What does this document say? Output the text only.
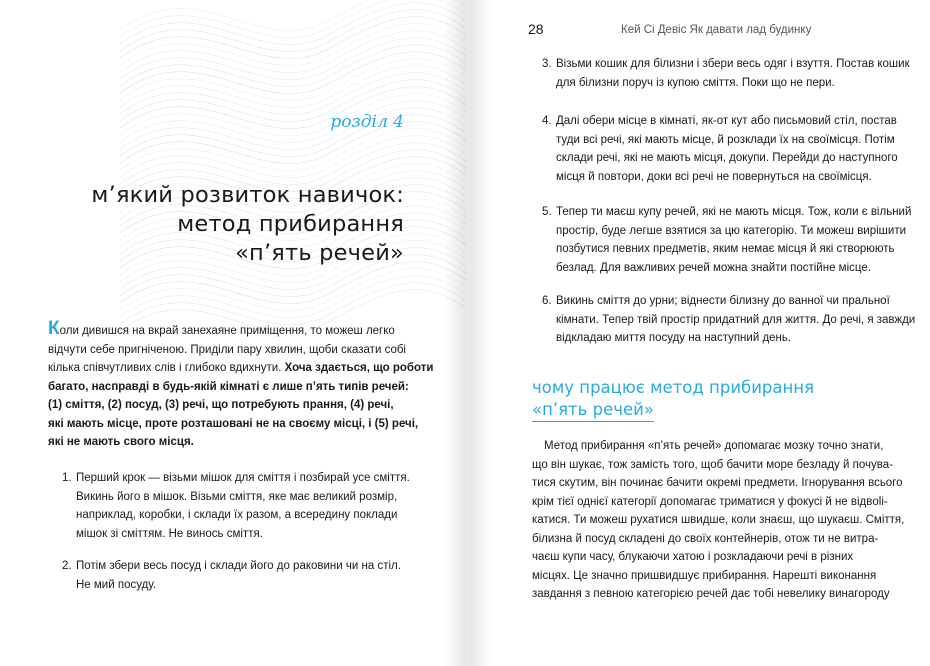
розділ 4
м’який розвиток навичок:
метод прибирання
«п’ять речей»
Коли дивишся на вкрай занехаяне приміщення, то можеш легко
відчути себе пригніченою. Приділи пару хвилин, щоби сказати собі
кілька співчутливих слів і глибоко вдихнути. Хоча здається, що роботи
багато, насправді в будь-якій кімнаті є лише п’ять типів речей:
(1) сміття, (2) посуд, (3) речі, що потребують прання, (4) речі,
які мають місце, проте розташовані не на своєму місці, і (5) речі,
які не мають свого місця.
1. Перший крок — візьми мішок для сміття і позбирай усе сміття.
Викинь його в мішок. Візьми сміття, яке має великий розмір,
наприклад, коробки, і склади їх разом, а всередину поклади
мішок зі сміттям. Не винось сміття.
2. Потім збери весь посуд і склади його до раковини чи на стіл.
Не мий посуду.
28	Кей Сі Девіс Як давати лад будинку
3. Візьми кошик для білизни і збери весь одяг і взуття. Постав кошик
для білизни поруч із купою сміття. Поки що не пери.
4. Далі обери місце в кімнаті, як-от кут або письмовий стіл, постав
туди всі речі, які мають місце, й розклади їх на своїмісця. Потім
склади речі, які не мають місця, докупи. Перейди до наступного
місця й повтори, доки всі речі не повернуться на своїмісця.
5. Тепер ти маєш купу речей, які не мають місця. Тож, коли є вільний
простір, буде легше взятися за цю категорію. Ти можеш вирішити
позбутися певних предметів, яким немає місця й які створюють
безлад. Для важливих речей можна знайти постійне місце.
6. Викинь сміття до урни; віднести білизну до ванної чи пральної
кімнати. Тепер твій простір придатний для життя. До речі, я завжди
відкладаю миття посуду на наступний день.
чому працює метод прибирання
«п’ять речей»
Метод прибирання «п’ять речей» допомагає мозку точно знати,
що він шукає, тож замість того, щоб бачити море безладу й почува-
тися скутим, він починає бачити окремі предмети. Ігнорування всього
крім тієї однієї категорії допомагає триматися у фокусі й не відвolі-
катися. Ти можеш рухатися швидше, коли знаєш, що шукаєш. Сміття,
білизна й посуд складені до своїх контейнерів, отож ти не витра-
чаєш купи часу, блукаючи хатою і розкладаючи речі в різних
місцях. Це значно пришвидшує прибирання. Нарешті виконання
завдання з певною категорією речей дає тобі невелику винагороду
